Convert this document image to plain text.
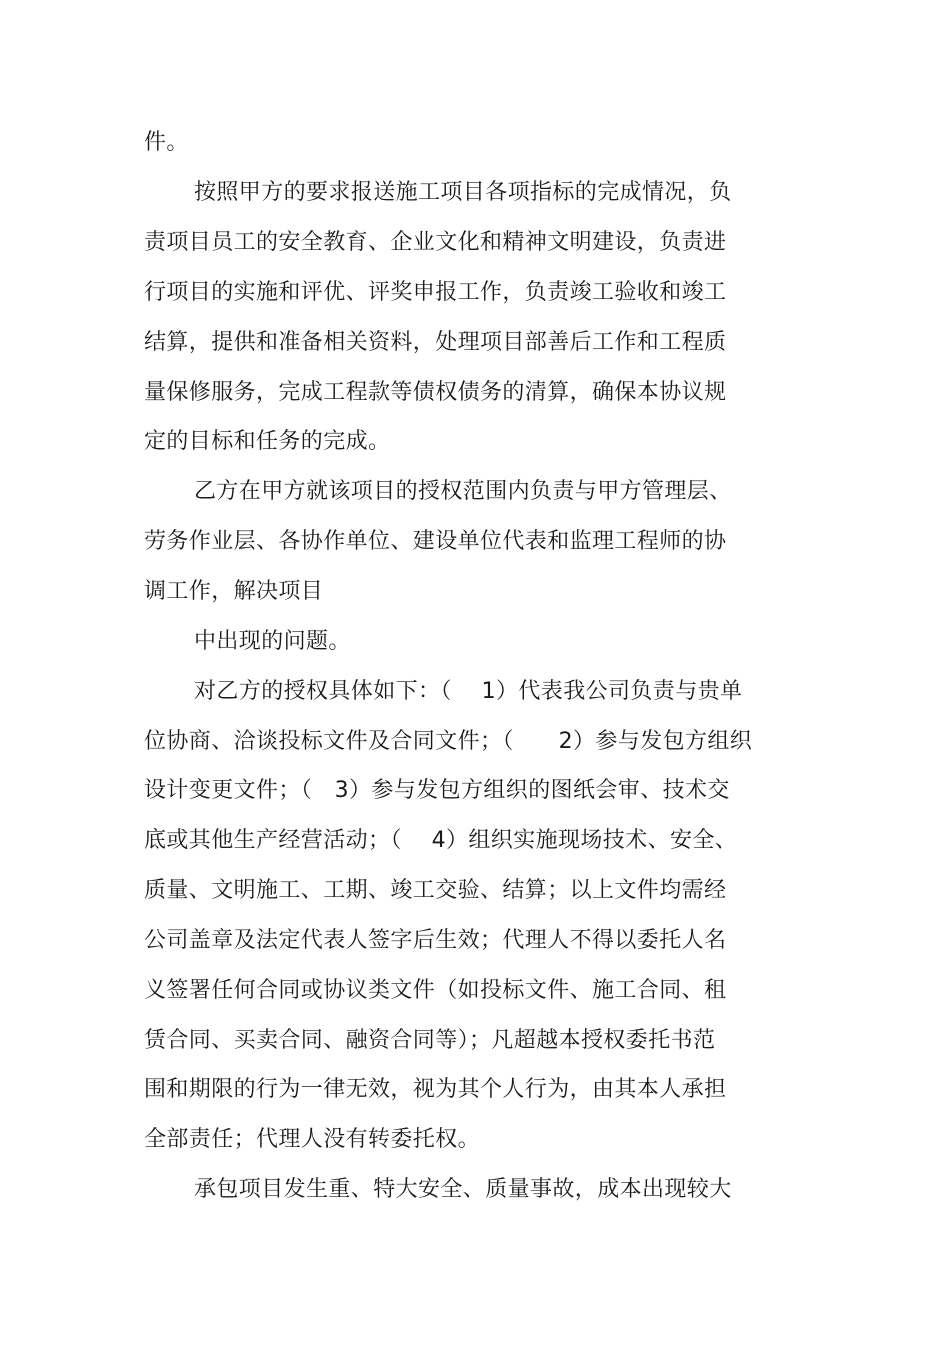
件。
按照甲方的要求报送施工项目各项指标的完成情况，负
责项目员工的安全教育、企业文化和精神文明建设，负责进
行项目的实施和评优、评奖申报工作，负责竣工验收和竣工
结算，提供和准备相关资料，处理项目部善后工作和工程质
量保修服务，完成工程款等债权债务的清算，确保本协议规
定的目标和任务的完成。
乙方在甲方就该项目的授权范围内负责与甲方管理层、
劳务作业层、各协作单位、建设单位代表和监理工程师的协
调工作，解决项目
中出现的问题。
对乙方的授权具体如下：（　 1）代表我公司负责与贵单
位协商、洽谈投标文件及合同文件；（　　2）参与发包方组织
设计变更文件；（　3）参与发包方组织的图纸会审、技术交
底或其他生产经营活动；（　 4）组织实施现场技术、安全、
质量、文明施工、工期、竣工交验、结算；以上文件均需经
公司盖章及法定代表人签字后生效；代理人不得以委托人名
义签署任何合同或协议类文件（如投标文件、施工合同、租
赁合同、买卖合同、融资合同等）；凡超越本授权委托书范
围和期限的行为一律无效，视为其个人行为，由其本人承担
全部责任；代理人没有转委托权。
承包项目发生重、特大安全、质量事故，成本出现较大
